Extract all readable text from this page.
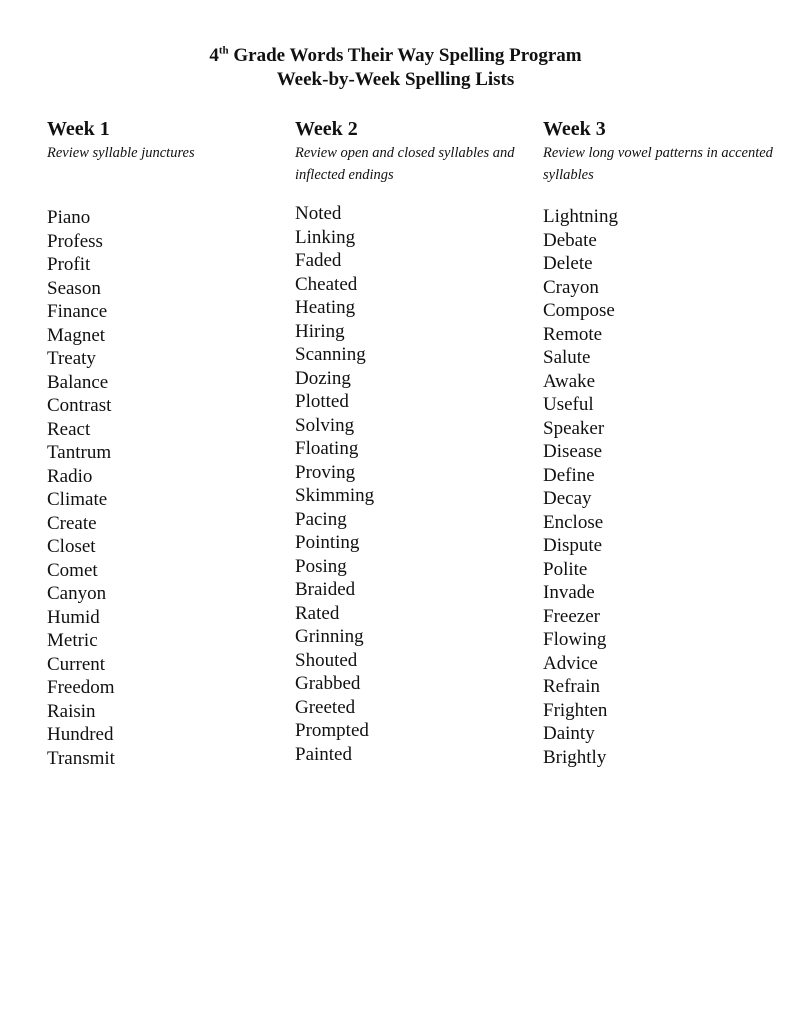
4th Grade Words Their Way Spelling Program
Week-by-Week Spelling Lists

Week 1

Review syllable junctures

Piano
Profess
Profit
Season
Finance
Magnet
Treaty
Balance
Contrast
React
Tantrum
Radio
Climate
Create
Closet
Comet
Canyon
Humid
Metric
Current
Freedom
Raisin
Hundred
Transmit

Week 2

Review open and closed syllables and inflected endings

Noted
Linking
Faded
Cheated
Heating
Hiring
Scanning
Dozing
Plotted
Solving
Floating
Proving
Skimming
Pacing
Pointing
Posing
Braided
Rated
Grinning
Shouted
Grabbed
Greeted
Prompted
Painted

Week 3

Review long vowel patterns in accented syllables

Lightning
Debate
Delete
Crayon
Compose
Remote
Salute
Awake
Useful
Speaker
Disease
Define
Decay
Enclose
Dispute
Polite
Invade
Freezer
Flowing
Advice
Refrain
Frighten
Dainty
Brightly
